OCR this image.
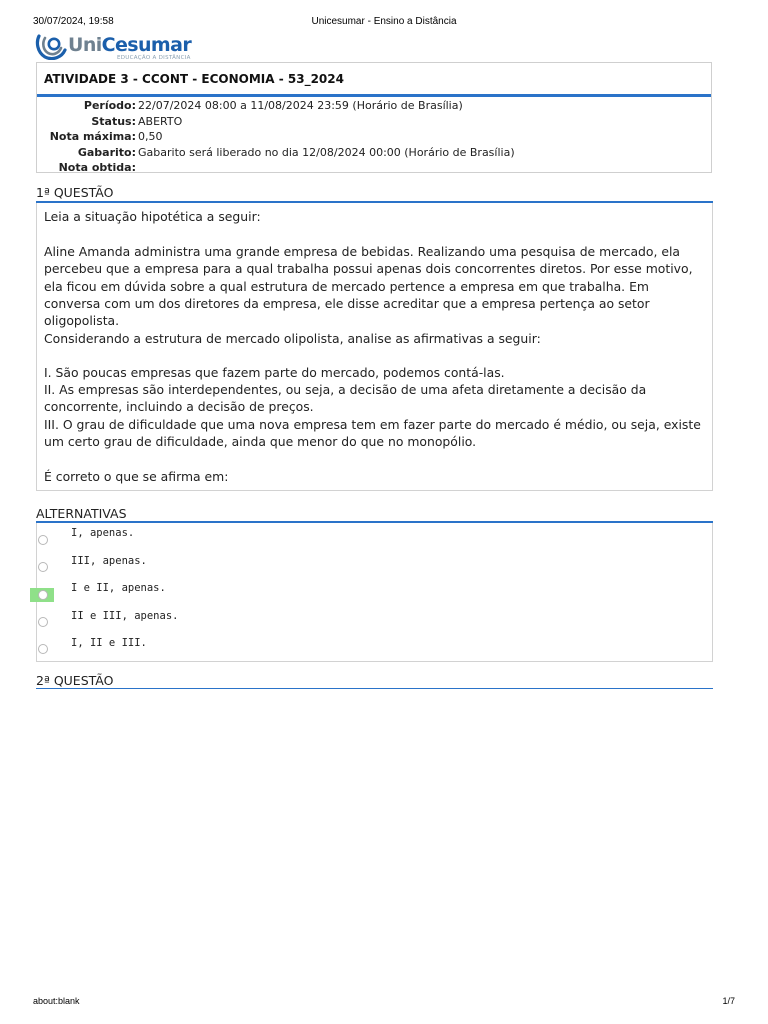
30/07/2024, 19:58	Unicesumar - Ensino a Distância
UniCesumar
EDUCAÇÃO A DISTÂNCIA
ATIVIDADE 3 - CCONT - ECONOMIA - 53_2024
Período: 22/07/2024 08:00 a 11/08/2024 23:59 (Horário de Brasília)
Status: ABERTO
Nota máxima: 0,50
Gabarito: Gabarito será liberado no dia 12/08/2024 00:00 (Horário de Brasília)
Nota obtida:
1ª QUESTÃO
Leia a situação hipotética a seguir:
Aline Amanda administra uma grande empresa de bebidas. Realizando uma pesquisa de mercado, ela percebeu que a empresa para a qual trabalha possui apenas dois concorrentes diretos. Por esse motivo, ela ficou em dúvida sobre a qual estrutura de mercado pertence a empresa em que trabalha. Em conversa com um dos diretores da empresa, ele disse acreditar que a empresa pertença ao setor oligopolista.
Considerando a estrutura de mercado olipolista, analise as afirmativas a seguir:
I. São poucas empresas que fazem parte do mercado, podemos contá-las.
II. As empresas são interdependentes, ou seja, a decisão de uma afeta diretamente a decisão da concorrente, incluindo a decisão de preços.
III. O grau de dificuldade que uma nova empresa tem em fazer parte do mercado é médio, ou seja, existe um certo grau de dificuldade, ainda que menor do que no monopólio.
É correto o que se afirma em:
ALTERNATIVAS
I, apenas.
III, apenas.
I e II, apenas.
II e III, apenas.
I, II e III.
2ª QUESTÃO
about:blank	1/7
